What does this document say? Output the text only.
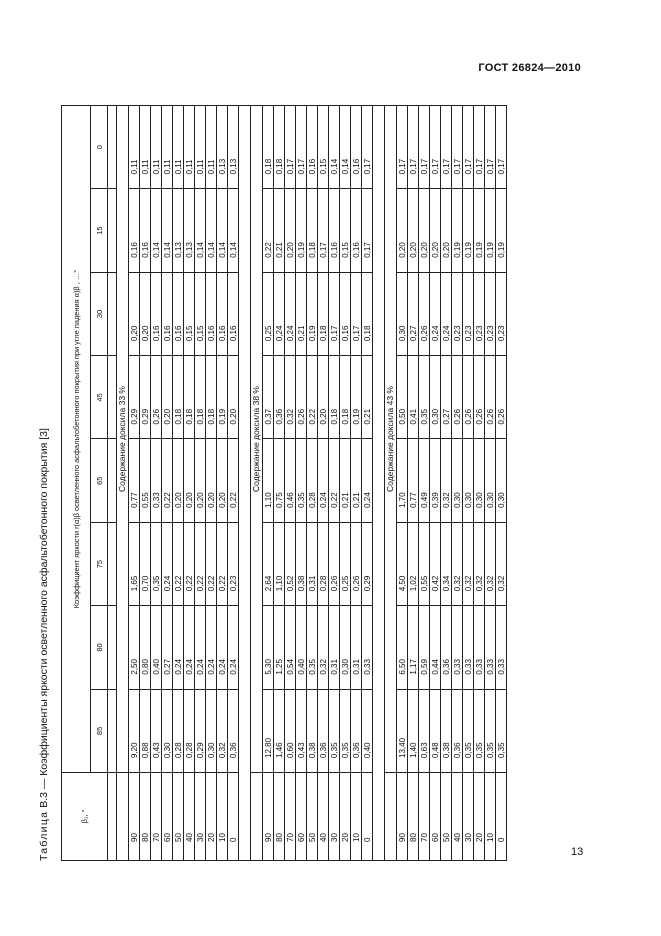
ГОСТ 26824—2010
Таблица В.3 — Коэффициенты яркости осветленного асфальтобетонного покрытия [3]
β₁, °	Коэффициент яркости r(α)β осветленного асфальтобетонного покрытия при угле падения α)β , …°							
	85	80	75	65	45	30	15	0

	Содержание доксила 33 %							
90	9,20	2,50	1,65	0,77	0,29	0,20	0,16	0,11
80	0,88	0,80	0,70	0,55	0,29	0,20	0,16	0,11
70	0,43	0,40	0,35	0,33	0,26	0,16	0,14	0,11
60	0,30	0,27	0,24	0,22	0,20	0,16	0,14	0,11
50	0,28	0,24	0,22	0,20	0,18	0,16	0,13	0,11
40	0,28	0,24	0,22	0,20	0,18	0,15	0,13	0,11
30	0,29	0,24	0,22	0,20	0,18	0,15	0,14	0,11
20	0,30	0,24	0,22	0,20	0,18	0,16	0,14	0,11
10	0,32	0,24	0,22	0,20	0,19	0,16	0,14	0,13
0	0,36	0,24	0,23	0,22	0,20	0,16	0,14	0,13

	Содержание доксила 38 %							
90	12,80	5,30	2,64	1,10	0,37	0,25	0,22	0,18
80	1,46	1,25	1,10	0,75	0,36	0,24	0,21	0,18
70	0,60	0,54	0,52	0,46	0,32	0,24	0,20	0,17
60	0,43	0,40	0,38	0,35	0,26	0,21	0,19	0,17
50	0,38	0,35	0,31	0,28	0,22	0,19	0,18	0,16
40	0,36	0,32	0,28	0,24	0,20	0,18	0,17	0,15
30	0,35	0,31	0,26	0,22	0,18	0,17	0,16	0,14
20	0,35	0,30	0,25	0,21	0,18	0,16	0,15	0,14
10	0,36	0,31	0,26	0,21	0,19	0,17	0,16	0,16
0	0,40	0,33	0,29	0,24	0,21	0,18	0,17	0,17

	Содержание доксила 43 %							
90	13,40	6,50	4,50	1,70	0,50	0,30	0,20	0,17
80	1,40	1,17	1,02	0,77	0,41	0,27	0,20	0,17
70	0,63	0,59	0,55	0,49	0,35	0,26	0,20	0,17
60	0,48	0,44	0,42	0,39	0,30	0,24	0,20	0,17
50	0,38	0,36	0,34	0,32	0,27	0,24	0,20	0,17
40	0,36	0,33	0,32	0,30	0,26	0,23	0,19	0,17
30	0,35	0,33	0,32	0,30	0,26	0,23	0,19	0,17
20	0,35	0,33	0,32	0,30	0,26	0,23	0,19	0,17
10	0,35	0,33	0,32	0,30	0,26	0,23	0,19	0,17
0	0,35	0,33	0,32	0,30	0,26	0,23	0,19	0,17
13
